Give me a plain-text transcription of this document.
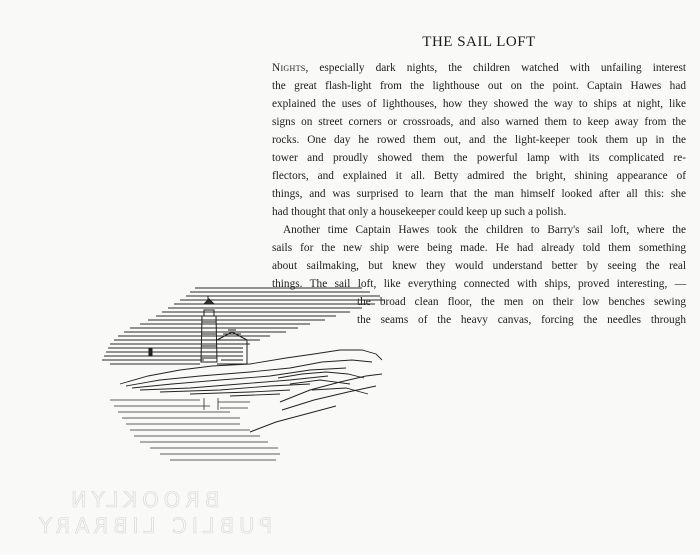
THE SAIL LOFT

Nights, especially dark nights, the children watched with unfailing interest

the great flash-light from the lighthouse out on the point. Captain Hawes had

explained the uses of lighthouses, how they showed the way to ships at night, like

signs on street corners or crossroads, and also warned them to keep away from the

rocks. One day he rowed them out, and the light-keeper took them up in the

tower and proudly showed them the powerful lamp with its complicated re-

flectors, and explained it all. Betty admired the bright, shining appearance of

things, and was surprised to learn that the man himself looked after all this: she

had thought that only a housekeeper could keep up such a polish.

Another time Captain Hawes took the children to Barry's sail loft, where the

sails for the new ship were being made. He had already told them something

about sailmaking, but knew they would understand better by seeing the real

things. The sail loft, like everything connected with ships, proved interesting, —

the broad clean floor, the men on their low benches sewing

the seams of the heavy canvas, forcing the needles through

BROOKLYN
PUBLIC LIBRARY
